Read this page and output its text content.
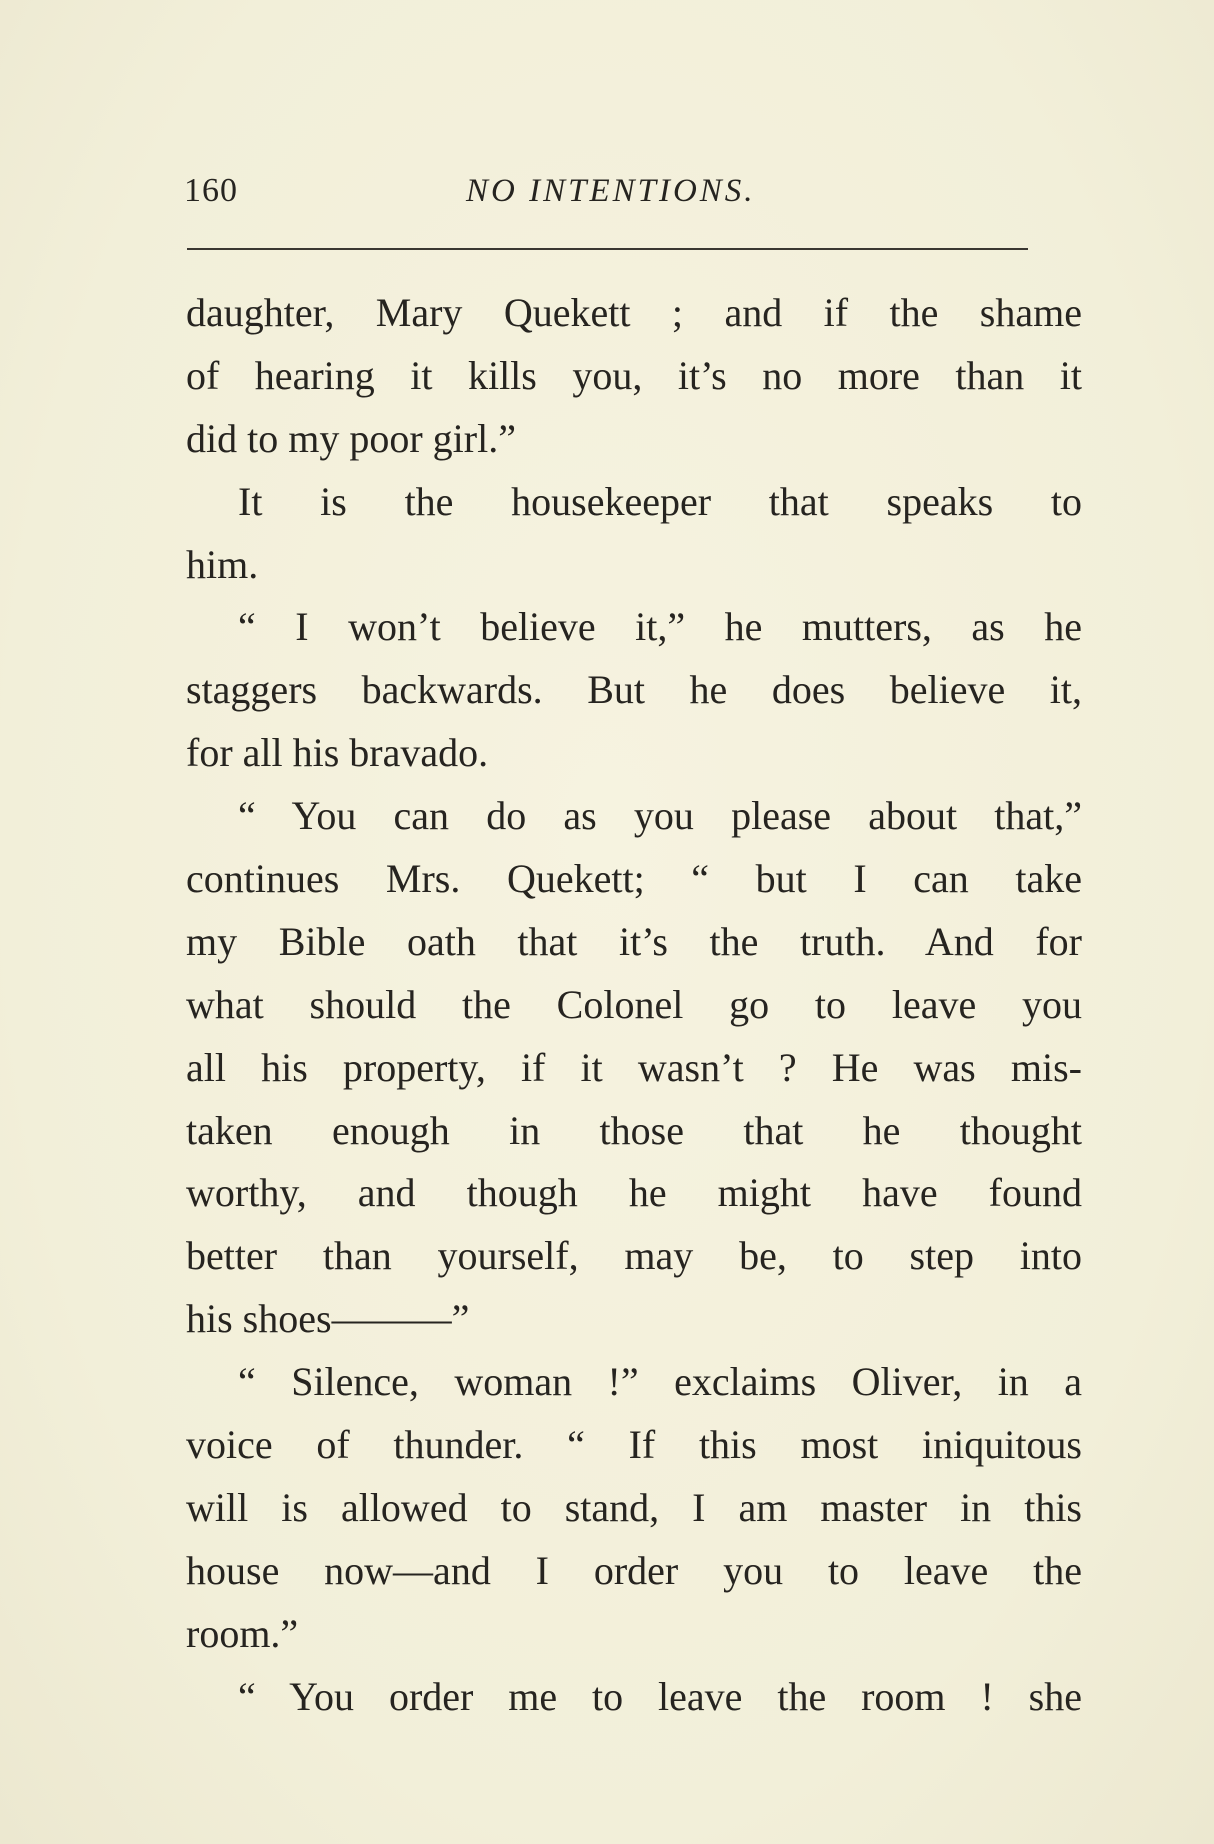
160	NO INTENTIONS.
daughter, Mary Quekett ; and if the shame
of hearing it kills you, it’s no more than it
did to my poor girl.”
It is the housekeeper that speaks to
him.
“ I won’t believe it,” he mutters, as he
staggers backwards. But he does believe it,
for all his bravado.
“ You can do as you please about that,”
continues Mrs. Quekett; “ but I can take
my Bible oath that it’s the truth. And for
what should the Colonel go to leave you
all his property, if it wasn’t ? He was mis-
taken enough in those that he thought
worthy, and though he might have found
better than yourself, may be, to step into
his shoes———”
“ Silence, woman !” exclaims Oliver, in a
voice of thunder. “ If this most iniquitous
will is allowed to stand, I am master in this
house now—and I order you to leave the
room.”
“ You order me to leave the room ! she
